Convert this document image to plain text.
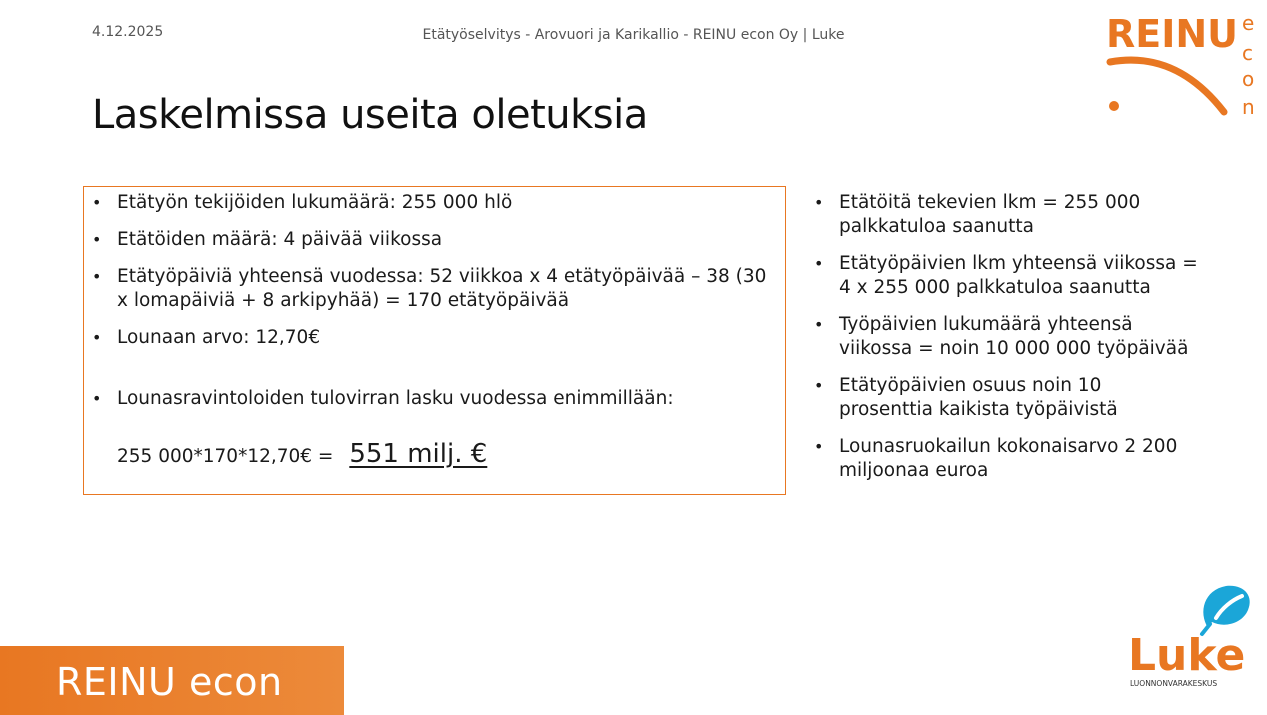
4.12.2025	Etätyöselvitys - Arovuori ja Karikallio - REINU econ Oy | Luke	REINU e
c
o
n
Laskelmissa useita oletuksia
• Etätyön tekijöiden lukumäärä: 255 000 hlö
• Etätöiden määrä: 4 päivää viikossa
• Etätyöpäiviä yhteensä vuodessa: 52 viikkoa x 4 etätyöpäivää – 38 (30 x lomapäiviä + 8 arkipyhää) = 170 etätyöpäivää
• Lounaan arvo: 12,70€
• Lounasravintoloiden tulovirran lasku vuodessa enimmillään:
255 000*170*12,70€ = 551 milj. €
• Etätöitä tekevien lkm = 255 000 palkkatuloa saanutta
• Etätyöpäivien lkm yhteensä viikossa = 4 x 255 000 palkkatuloa saanutta
• Työpäivien lukumäärä yhteensä viikossa = noin 10 000 000 työpäivää
• Etätyöpäivien osuus noin 10 prosenttia kaikista työpäivistä
• Lounasruokailun kokonaisarvo 2 200 miljoonaa euroa
Luke
LUONNONVARAKESKUS
REINU econ
